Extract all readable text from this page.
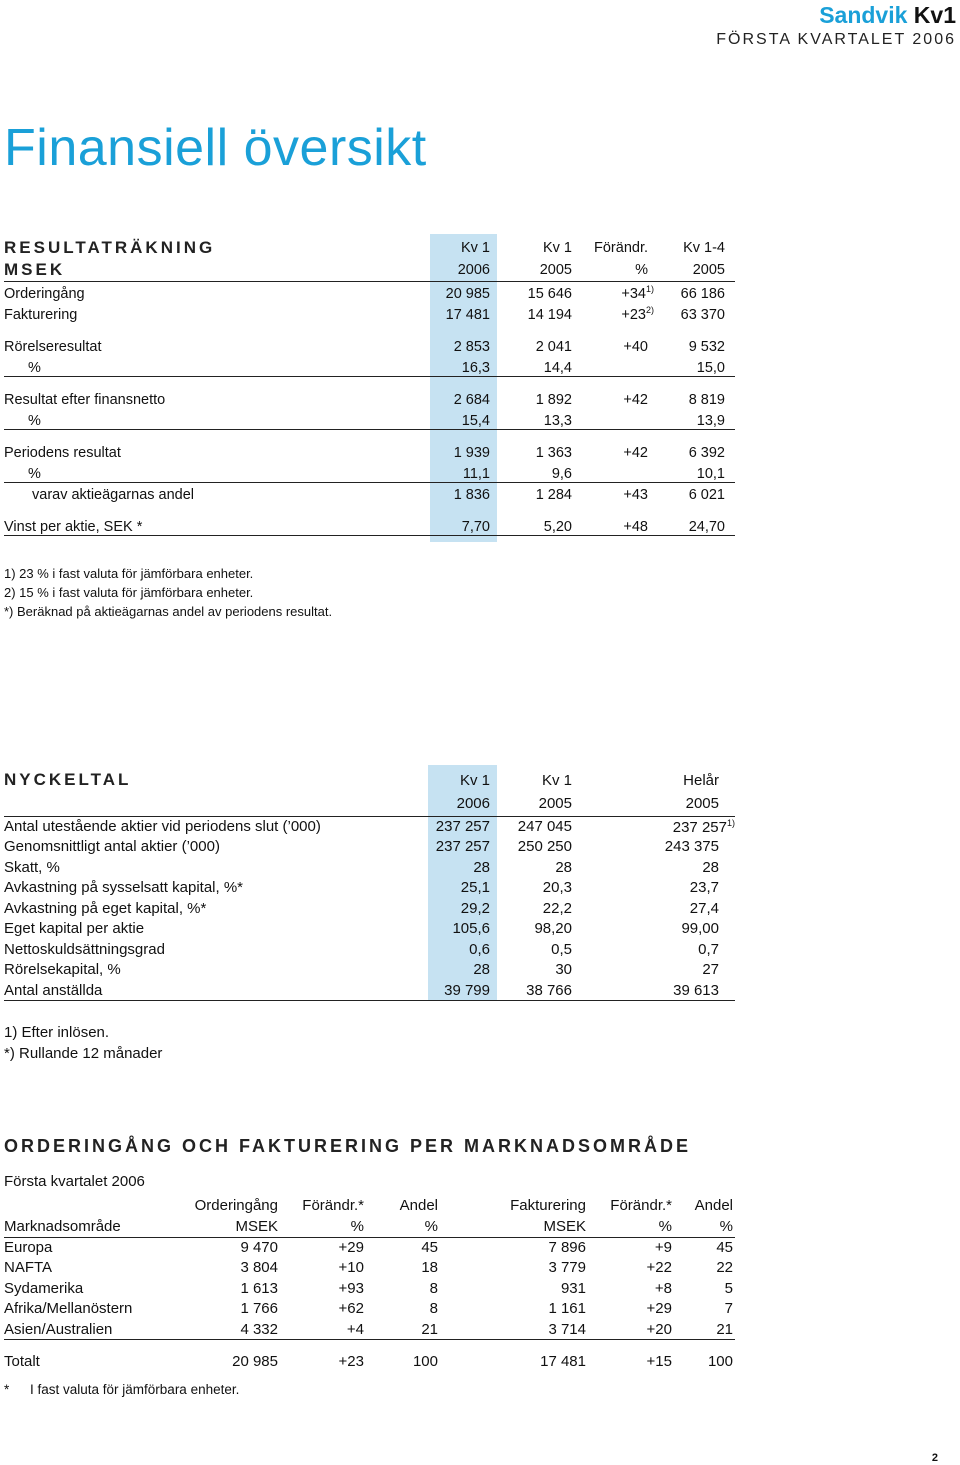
Sandvik Kv1
FÖRSTA KVARTALET 2006
Finansiell översikt
RESULTATRÄKNING	Kv 1	Kv 1	Förändr.	Kv 1-4
MSEK	2006	2005	%	2005
Orderingång	20 985	15 646	$+34^{1)}$	66 186
Fakturering	17 481	14 194	$+23^{2)}$	63 370
Rörelseresultat	2 853	2 041	+40	9 532
%	16,3	14,4		15,0
Resultat efter finansnetto	2 684	1 892	+42	8 819
%	15,4	13,3		13,9
Periodens resultat	1 939	1 363	+42	6 392
%	11,1	9,6		10,1
varav aktieägarnas andel	1 836	1 284	+43	6 021
Vinst per aktie, SEK *	7,70	5,20	+48	24,70
1) 23 % i fast valuta för jämförbara enheter.
2) 15 % i fast valuta för jämförbara enheter.
*) Beräknad på aktieägarnas andel av periodens resultat.
NYCKELTAL	Kv 1	Kv 1	Helår
	2006	2005	2005
Antal utestående aktier vid periodens slut (’000)	237 257	247 045	237 257$^{1)}$
Genomsnittligt antal aktier (’000)	237 257	250 250	243 375
Skatt, %	28	28	28
Avkastning på sysselsatt kapital, %*	25,1	20,3	23,7
Avkastning på eget kapital, %*	29,2	22,2	27,4
Eget kapital per aktie	105,6	98,20	99,00
Nettoskuldsättningsgrad	0,6	0,5	0,7
Rörelsekapital, %	28	30	27
Antal anställda	39 799	38 766	39 613
1) Efter inlösen.
*) Rullande 12 månader
ORDERINGÅNG OCH FAKTURERING PER MARKNADSOMRÅDE
Första kvartalet 2006
	Orderingång	Förändr.*	Andel	Fakturering	Förändr.*	Andel
Marknadsområde	MSEK	%	%	MSEK	%	%
Europa	9 470	+29	45	7 896	+9	45
NAFTA	3 804	+10	18	3 779	+22	22
Sydamerika	1 613	+93	8	931	+8	5
Afrika/Mellanöstern	1 766	+62	8	1 161	+29	7
Asien/Australien	4 332	+4	21	3 714	+20	21
Totalt	20 985	+23	100	17 481	+15	100
* I fast valuta för jämförbara enheter.
2
